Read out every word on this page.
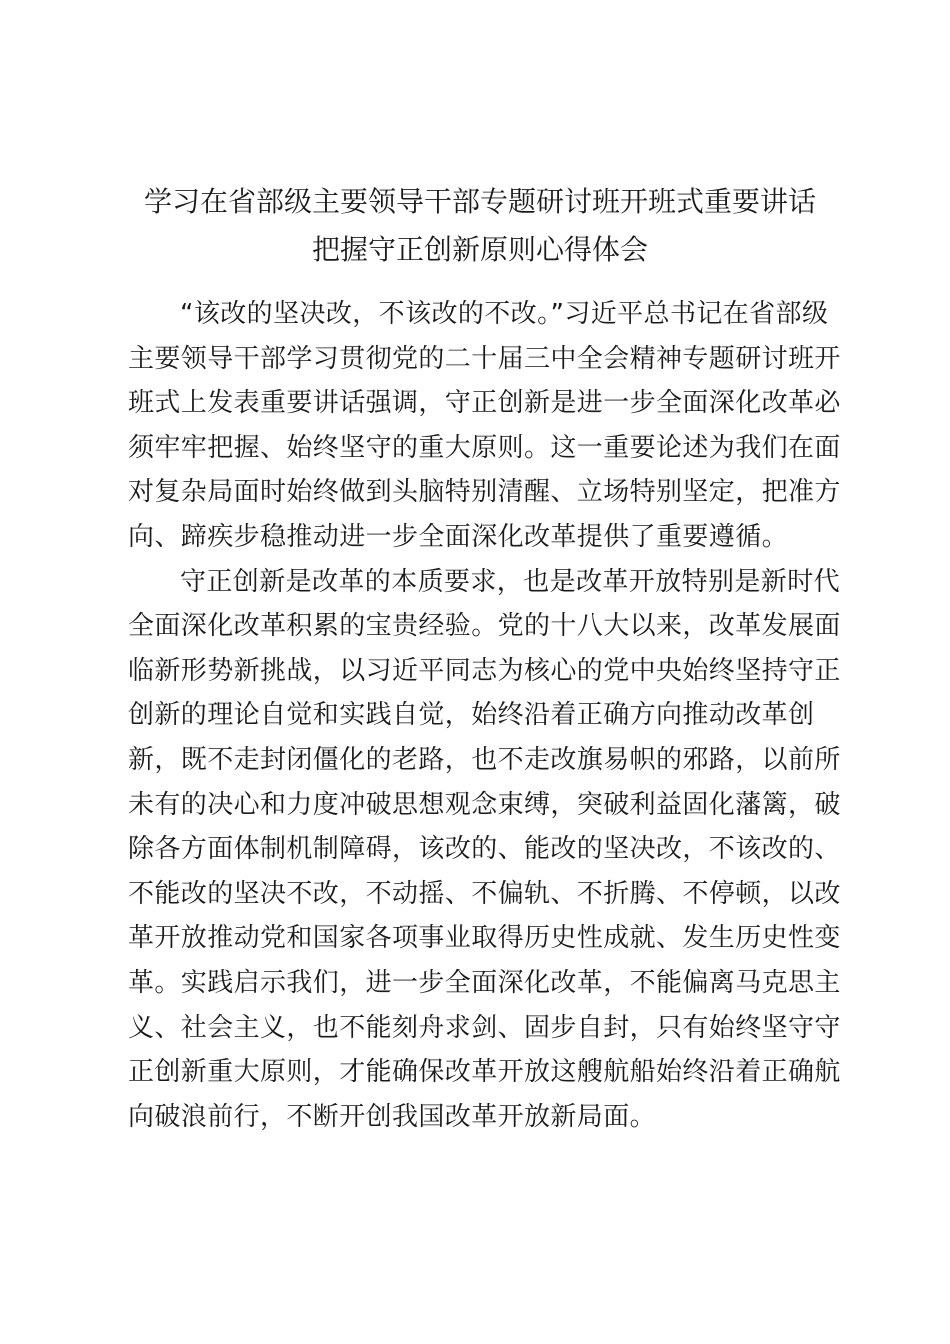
学习在省部级主要领导干部专题研讨班开班式重要讲话
把握守正创新原则心得体会

“该改的坚决改，不该改的不改。”习近平总书记在省部级
主要领导干部学习贯彻党的二十届三中全会精神专题研讨班开
班式上发表重要讲话强调，守正创新是进一步全面深化改革必
须牢牢把握、始终坚守的重大原则。这一重要论述为我们在面
对复杂局面时始终做到头脑特别清醒、立场特别坚定，把准方
向、蹄疾步稳推动进一步全面深化改革提供了重要遵循。

守正创新是改革的本质要求，也是改革开放特别是新时代
全面深化改革积累的宝贵经验。党的十八大以来，改革发展面
临新形势新挑战，以习近平同志为核心的党中央始终坚持守正
创新的理论自觉和实践自觉，始终沿着正确方向推动改革创
新，既不走封闭僵化的老路，也不走改旗易帜的邪路，以前所
未有的决心和力度冲破思想观念束缚，突破利益固化藩篱，破
除各方面体制机制障碍，该改的、能改的坚决改，不该改的、
不能改的坚决不改，不动摇、不偏轨、不折腾、不停顿，以改
革开放推动党和国家各项事业取得历史性成就、发生历史性变
革。实践启示我们，进一步全面深化改革，不能偏离马克思主
义、社会主义，也不能刻舟求剑、固步自封，只有始终坚守守
正创新重大原则，才能确保改革开放这艘航船始终沿着正确航
向破浪前行，不断开创我国改革开放新局面。
